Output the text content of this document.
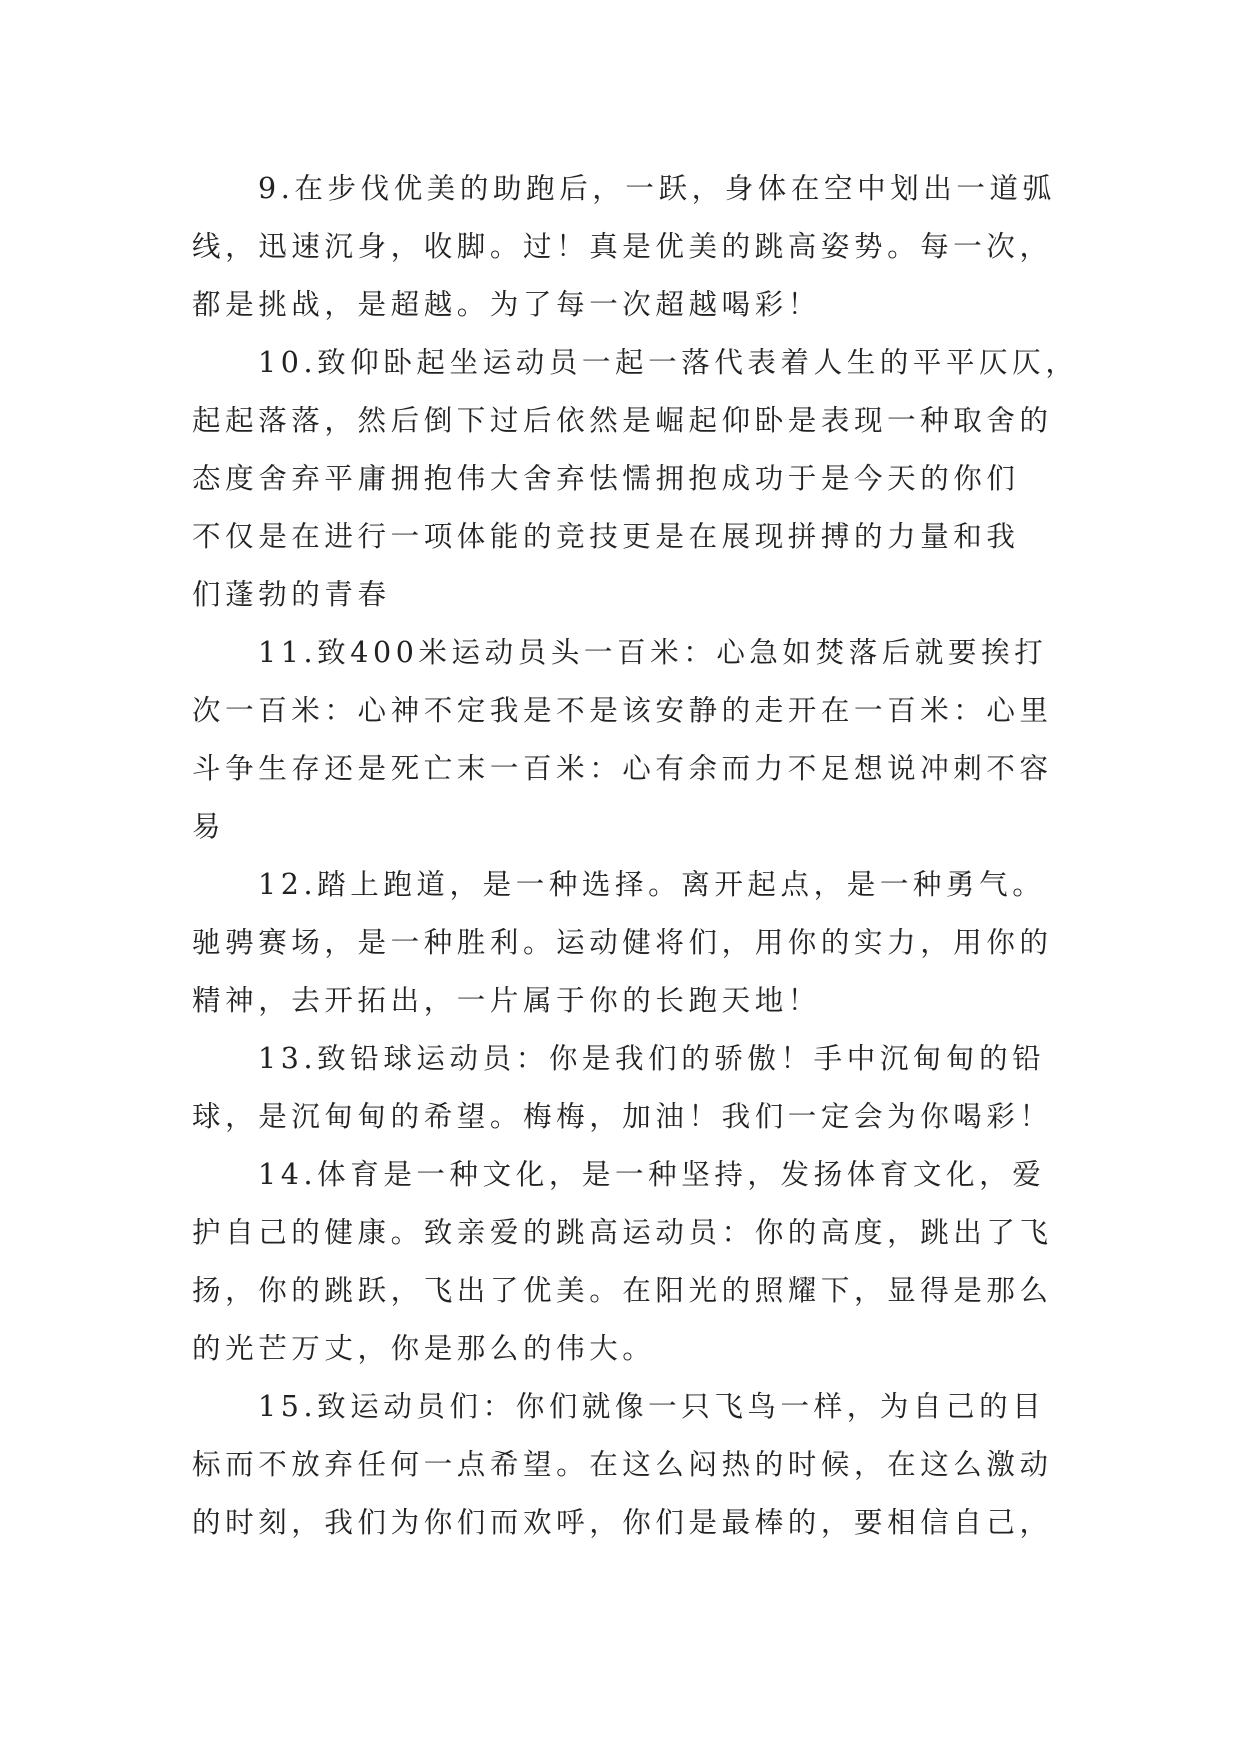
9.在步伐优美的助跑后，一跃，身体在空中划出一道弧
线，迅速沉身，收脚。过！真是优美的跳高姿势。每一次，
都是挑战，是超越。为了每一次超越喝彩！
10.致仰卧起坐运动员一起一落代表着人生的平平仄仄，
起起落落，然后倒下过后依然是崛起仰卧是表现一种取舍的
态度舍弃平庸拥抱伟大舍弃怯懦拥抱成功于是今天的你们
不仅是在进行一项体能的竞技更是在展现拼搏的力量和我
们蓬勃的青春
11.致400米运动员头一百米：心急如焚落后就要挨打
次一百米：心神不定我是不是该安静的走开在一百米：心里
斗争生存还是死亡末一百米：心有余而力不足想说冲刺不容
易
12.踏上跑道，是一种选择。离开起点，是一种勇气。
驰骋赛场，是一种胜利。运动健将们，用你的实力，用你的
精神，去开拓出，一片属于你的长跑天地！
13.致铅球运动员：你是我们的骄傲！手中沉甸甸的铅
球，是沉甸甸的希望。梅梅，加油！我们一定会为你喝彩！
14.体育是一种文化，是一种坚持，发扬体育文化，爱
护自己的健康。致亲爱的跳高运动员：你的高度，跳出了飞
扬，你的跳跃，飞出了优美。在阳光的照耀下，显得是那么
的光芒万丈，你是那么的伟大。
15.致运动员们：你们就像一只飞鸟一样，为自己的目
标而不放弃任何一点希望。在这么闷热的时候，在这么激动
的时刻，我们为你们而欢呼，你们是最棒的，要相信自己，
